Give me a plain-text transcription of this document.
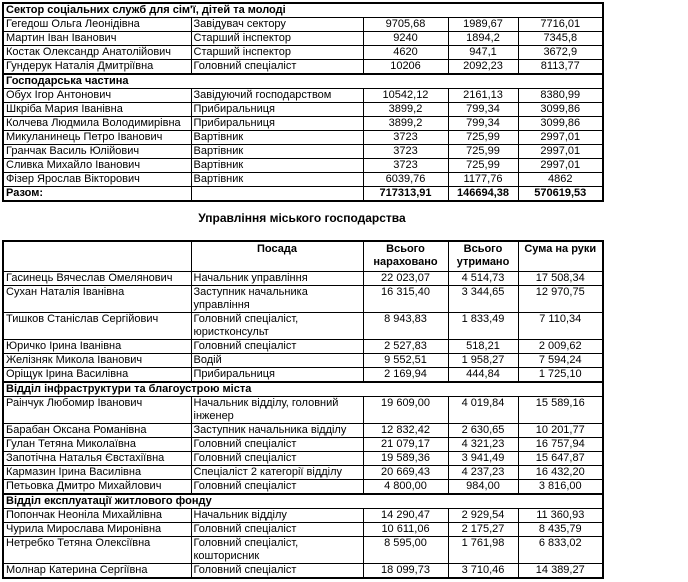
Сектор соціальних служб для сім'ї, дітей та молоді				
Гегедош Ольга Леонідівна	Завідувач сектору	9705,68	1989,67	7716,01
Мартин Іван Іванович	Старший інспектор	9240	1894,2	7345,8
Костак Олександр Анатолійович	Старший інспектор	4620	947,1	3672,9
Гундерук Наталія Дмитріївна	Головний спеціаліст	10206	2092,23	8113,77
Господарська частина				
Обух Ігор Антонович	Завідуючий господарством	10542,12	2161,13	8380,99
Шкріба Мария Іванівна	Прибиральниця	3899,2	799,34	3099,86
Колчева Людмила Володимирівна	Прибиральниця	3899,2	799,34	3099,86
Микуланинець Петро Іванович	Вартівник	3723	725,99	2997,01
Гранчак Василь Юлійович	Вартівник	3723	725,99	2997,01
Сливка Михайло Іванович	Вартівник	3723	725,99	2997,01
Фізер Ярослав Вікторович	Вартівник	6039,76	1177,76	4862
Разом:		717313,91	146694,38	570619,53
Управління міського господарства
	Посада	Всього нараховано	Всього утримано	Сума на руки
Гасинець Вячеслав Омелянович	Начальник управління	22 023,07	4 514,73	17 508,34
Сухан Наталія Іванівна	Заступник начальника управління	16 315,40	3 344,65	12 970,75
Тишков Станіслав Сергійович	Головний спеціаліст, юристконсульт	8 943,83	1 833,49	7 110,34
Юричко Ірина Іванівна	Головний спеціаліст	2 527,83	518,21	2 009,62
Желізняк Микола Іванович	Водій	9 552,51	1 958,27	7 594,24
Оріщук Ірина Василівна	Прибиральниця	2 169,94	444,84	1 725,10
Відділ інфраструктури та благоустрою міста				
Раінчук Любомир Іванович	Начальник відділу, головний інженер	19 609,00	4 019,84	15 589,16
Барабан Оксана Романівна	Заступник начальника відділу	12 832,42	2 630,65	10 201,77
Гулан Тетяна Миколаївна	Головний спеціаліст	21 079,17	4 321,23	16 757,94
Запотічна Наталья Євстахіївна	Головний спеціаліст	19 589,36	3 941,49	15 647,87
Кармазин Ірина Василівна	Спеціаліст 2 категорії відділу	20 669,43	4 237,23	16 432,20
Петьовка Дмитро Михайлович	Головний спеціаліст	4 800,00	984,00	3 816,00
Відділ експлуатації житлового фонду				
Попончак Неоніла Михайлівна	Начальник відділу	14 290,47	2 929,54	11 360,93
Чурила Мирослава Миронівна	Головний спеціаліст	10 611,06	2 175,27	8 435,79
Нетребко Тетяна Олексіївна	Головний спеціаліст, кошторисник	8 595,00	1 761,98	6 833,02
Молнар Катерина Сергіївна	Головний спеціаліст	18 099,73	3 710,46	14 389,27
